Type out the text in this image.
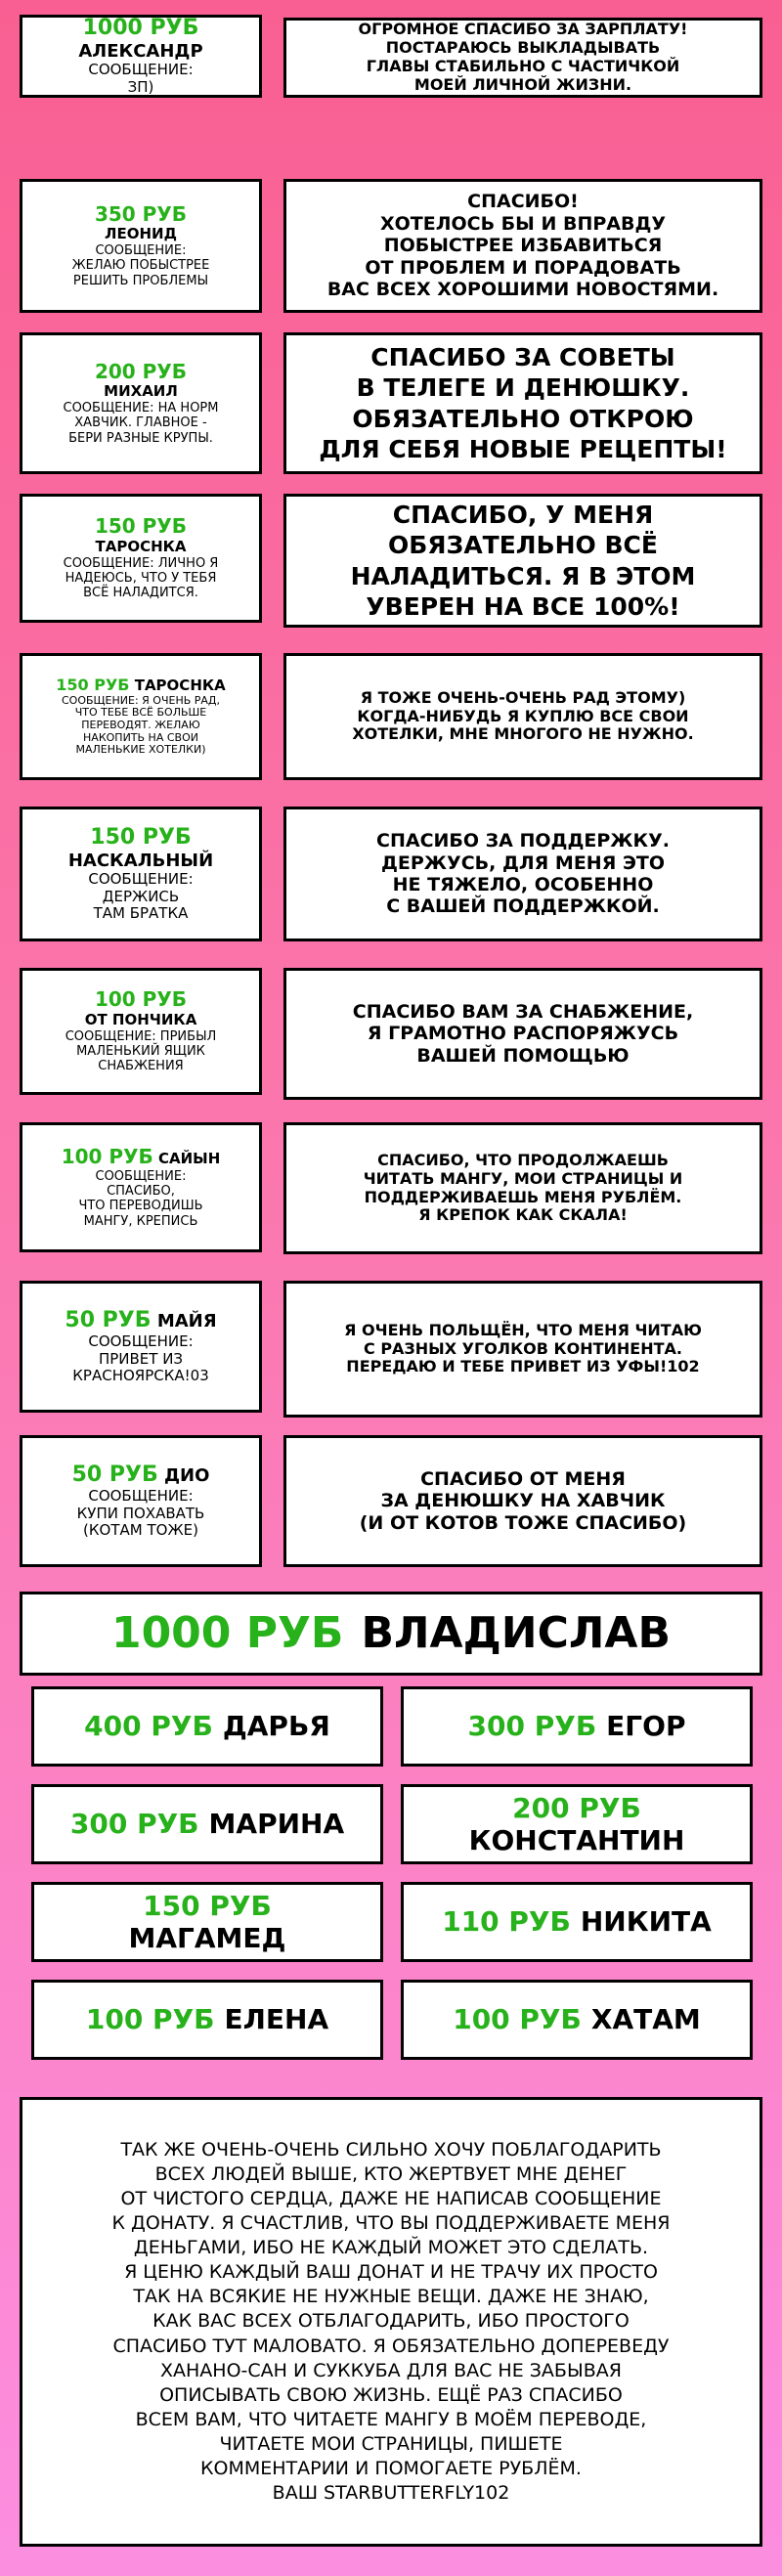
1000 РУБ
АЛЕКСАНДР
СООБЩЕНИЕ:
ЗП)
ОГРОМНОЕ СПАСИБО ЗА ЗАРПЛАТУ!
ПОСТАРАЮСЬ ВЫКЛАДЫВАТЬ
ГЛАВЫ СТАБИЛЬНО С ЧАСТИЧКОЙ
МОЕЙ ЛИЧНОЙ ЖИЗНИ.
350 РУБ
ЛЕОНИД
СООБЩЕНИЕ:
ЖЕЛАЮ ПОБЫСТРЕЕ
РЕШИТЬ ПРОБЛЕМЫ
СПАСИБО!
ХОТЕЛОСЬ БЫ И ВПРАВДУ
ПОБЫСТРЕЕ ИЗБАВИТЬСЯ
ОТ ПРОБЛЕМ И ПОРАДОВАТЬ
ВАС ВСЕХ ХОРОШИМИ НОВОСТЯМИ.
200 РУБ
МИХАИЛ
СООБЩЕНИЕ: НА НОРМ
ХАВЧИК. ГЛАВНОЕ -
БЕРИ РАЗНЫЕ КРУПЫ.
СПАСИБО ЗА СОВЕТЫ
В ТЕЛЕГЕ И ДЕНЮШКУ.
ОБЯЗАТЕЛЬНО ОТКРОЮ
ДЛЯ СЕБЯ НОВЫЕ РЕЦЕПТЫ!
150 РУБ
ТАРОСНКА
СООБЩЕНИЕ: ЛИЧНО Я
НАДЕЮСЬ, ЧТО У ТЕБЯ
ВСЁ НАЛАДИТСЯ.
СПАСИБО, У МЕНЯ
ОБЯЗАТЕЛЬНО ВСЁ
НАЛАДИТЬСЯ. Я В ЭТОМ
УВЕРЕН НА ВСЕ 100%!
150 РУБ ТАРОСНКА
СООБЩЕНИЕ: Я ОЧЕНЬ РАД,
ЧТО ТЕБЕ ВСЁ БОЛЬШЕ
ПЕРЕВОДЯТ. ЖЕЛАЮ
НАКОПИТЬ НА СВОИ
МАЛЕНЬКИЕ ХОТЕЛКИ)
Я ТОЖЕ ОЧЕНЬ-ОЧЕНЬ РАД ЭТОМУ)
КОГДА-НИБУДЬ Я КУПЛЮ ВСЕ СВОИ
ХОТЕЛКИ, МНЕ МНОГОГО НЕ НУЖНО.
150 РУБ
НАСКАЛЬНЫЙ
СООБЩЕНИЕ:
ДЕРЖИСЬ
ТАМ БРАТКА
СПАСИБО ЗА ПОДДЕРЖКУ.
ДЕРЖУСЬ, ДЛЯ МЕНЯ ЭТО
НЕ ТЯЖЕЛО, ОСОБЕННО
С ВАШЕЙ ПОДДЕРЖКОЙ.
100 РУБ
ОТ ПОНЧИКА
СООБЩЕНИЕ: ПРИБЫЛ
МАЛЕНЬКИЙ ЯЩИК
СНАБЖЕНИЯ
СПАСИБО ВАМ ЗА СНАБЖЕНИЕ,
Я ГРАМОТНО РАСПОРЯЖУСЬ
ВАШЕЙ ПОМОЩЬЮ
100 РУБ САЙЫН
СООБЩЕНИЕ:
СПАСИБО,
ЧТО ПЕРЕВОДИШЬ
МАНГУ, КРЕПИСЬ
СПАСИБО, ЧТО ПРОДОЛЖАЕШЬ
ЧИТАТЬ МАНГУ, МОИ СТРАНИЦЫ И
ПОДДЕРЖИВАЕШЬ МЕНЯ РУБЛЁМ.
Я КРЕПОК КАК СКАЛА!
50 РУБ МАЙЯ
СООБЩЕНИЕ:
ПРИВЕТ ИЗ
КРАСНОЯРСКА!03
Я ОЧЕНЬ ПОЛЬЩЁН, ЧТО МЕНЯ ЧИТАЮ
С РАЗНЫХ УГОЛКОВ КОНТИНЕНТА.
ПЕРЕДАЮ И ТЕБЕ ПРИВЕТ ИЗ УФЫ!102
50 РУБ ДИО
СООБЩЕНИЕ:
КУПИ ПОХАВАТЬ
(КОТАМ ТОЖЕ)
СПАСИБО ОТ МЕНЯ
ЗА ДЕНЮШКУ НА ХАВЧИК
(И ОТ КОТОВ ТОЖЕ СПАСИБО)
1000 РУБ ВЛАДИСЛАВ
400 РУБ ДАРЬЯ	300 РУБ ЕГОР
300 РУБ МАРИНА
200 РУБ
КОНСТАНТИН
150 РУБ
МАГАМЕД
110 РУБ НИКИТА
100 РУБ ЕЛЕНА	100 РУБ ХАТАМ
ТАК ЖЕ ОЧЕНЬ-ОЧЕНЬ СИЛЬНО ХОЧУ ПОБЛАГОДАРИТЬ
ВСЕХ ЛЮДЕЙ ВЫШЕ, КТО ЖЕРТВУЕТ МНЕ ДЕНЕГ
ОТ ЧИСТОГО СЕРДЦА, ДАЖЕ НЕ НАПИСАВ СООБЩЕНИЕ
К ДОНАТУ. Я СЧАСТЛИВ, ЧТО ВЫ ПОДДЕРЖИВАЕТЕ МЕНЯ
ДЕНЬГАМИ, ИБО НЕ КАЖДЫЙ МОЖЕТ ЭТО СДЕЛАТЬ.
Я ЦЕНЮ КАЖДЫЙ ВАШ ДОНАТ И НЕ ТРАЧУ ИХ ПРОСТО
ТАК НА ВСЯКИЕ НЕ НУЖНЫЕ ВЕЩИ. ДАЖЕ НЕ ЗНАЮ,
КАК ВАС ВСЕХ ОТБЛАГОДАРИТЬ, ИБО ПРОСТОГО
СПАСИБО ТУТ МАЛОВАТО. Я ОБЯЗАТЕЛЬНО ДОПЕРЕВЕДУ
ХАНАНО-САН И СУККУБА ДЛЯ ВАС НЕ ЗАБЫВАЯ
ОПИСЫВАТЬ СВОЮ ЖИЗНЬ. ЕЩЁ РАЗ СПАСИБО
ВСЕМ ВАМ, ЧТО ЧИТАЕТЕ МАНГУ В МОЁМ ПЕРЕВОДЕ,
ЧИТАЕТЕ МОИ СТРАНИЦЫ, ПИШЕТЕ
КОММЕНТАРИИ И ПОМОГАЕТЕ РУБЛЁМ.
ВАШ STARBUTTERFLY102
